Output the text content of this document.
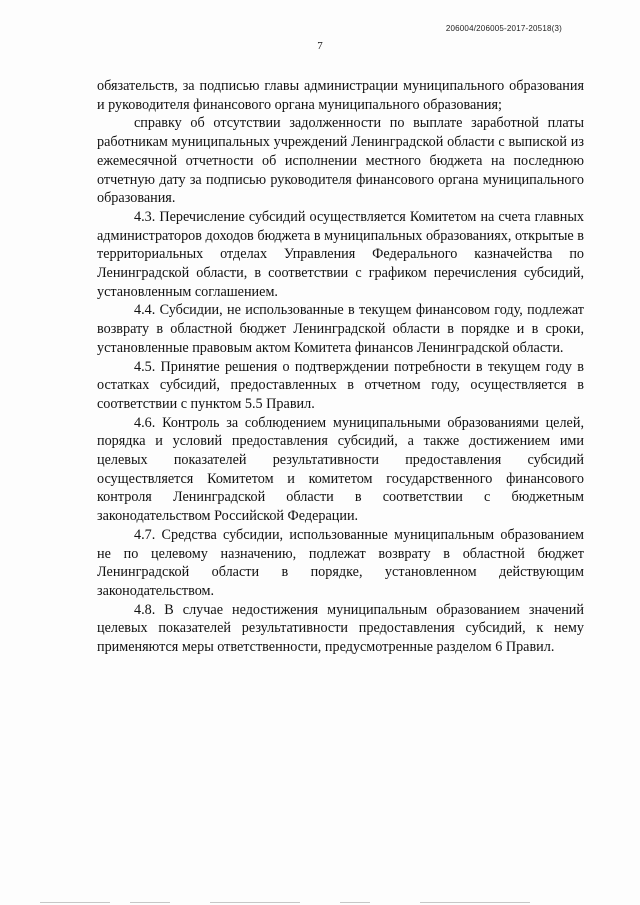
206004/206005-2017-20518(3)
7

обязательств, за подписью главы администрации муниципального образования и руководителя финансового органа муниципального образования;

справку об отсутствии задолженности по выплате заработной платы работникам муниципальных учреждений Ленинградской области с выпиской из ежемесячной отчетности об исполнении местного бюджета на последнюю отчетную дату за подписью руководителя финансового органа муниципального образования.

4.3. Перечисление субсидий осуществляется Комитетом на счета главных администраторов доходов бюджета в муниципальных образованиях, открытые в территориальных отделах Управления Федерального казначейства по Ленинградской области, в соответствии с графиком перечисления субсидий, установленным соглашением.

4.4. Субсидии, не использованные в текущем финансовом году, подлежат возврату в областной бюджет Ленинградской области в порядке и в сроки, установленные правовым актом Комитета финансов Ленинградской области.

4.5. Принятие решения о подтверждении потребности в текущем году в остатках субсидий, предоставленных в отчетном году, осуществляется в соответствии с пунктом 5.5 Правил.

4.6. Контроль за соблюдением муниципальными образованиями целей, порядка и условий предоставления субсидий, а также достижением ими целевых показателей результативности предоставления субсидий осуществляется Комитетом и комитетом государственного финансового контроля Ленинградской области в соответствии с бюджетным законодательством Российской Федерации.

4.7. Средства субсидии, использованные муниципальным образованием не по целевому назначению, подлежат возврату в областной бюджет Ленинградской области в порядке, установленном действующим законодательством.

4.8. В случае недостижения муниципальным образованием значений целевых показателей результативности предоставления субсидий, к нему применяются меры ответственности, предусмотренные разделом 6 Правил.
